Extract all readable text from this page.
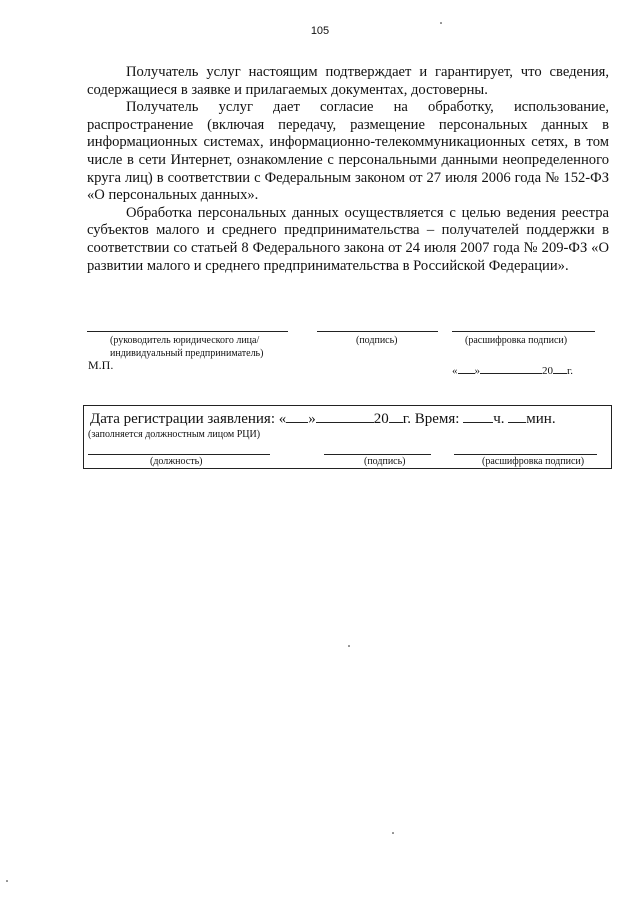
105

Получатель услуг настоящим подтверждает и гарантирует, что сведения, содержащиеся в заявке и прилагаемых документах, достоверны.

Получатель услуг дает согласие на обработку, использование, распространение (включая передачу, размещение персональных данных в информационных системах, информационно-телекоммуникационных сетях, в том числе в сети Интернет, ознакомление с персональными данными неопределенного круга лиц) в соответствии с Федеральным законом от 27 июля 2006 года № 152-ФЗ «О персональных данных».

Обработка персональных данных осуществляется с целью ведения реестра субъектов малого и среднего предпринимательства – получателей поддержки в соответствии со статьей 8 Федерального закона от 24 июля 2007 года № 209-ФЗ «О развитии малого и среднего предпринимательства в Российской Федерации».

(руководитель юридического лица/
индивидуальный предприниматель)
(подпись)	(расшифровка подписи)
М.П.	« »	20 г.
Дата регистрации заявления: « »	20 г. Время: ч. мин.
(заполняется должностным лицом РЦИ)
(должность)	(подпись)	(расшифровка подписи)
